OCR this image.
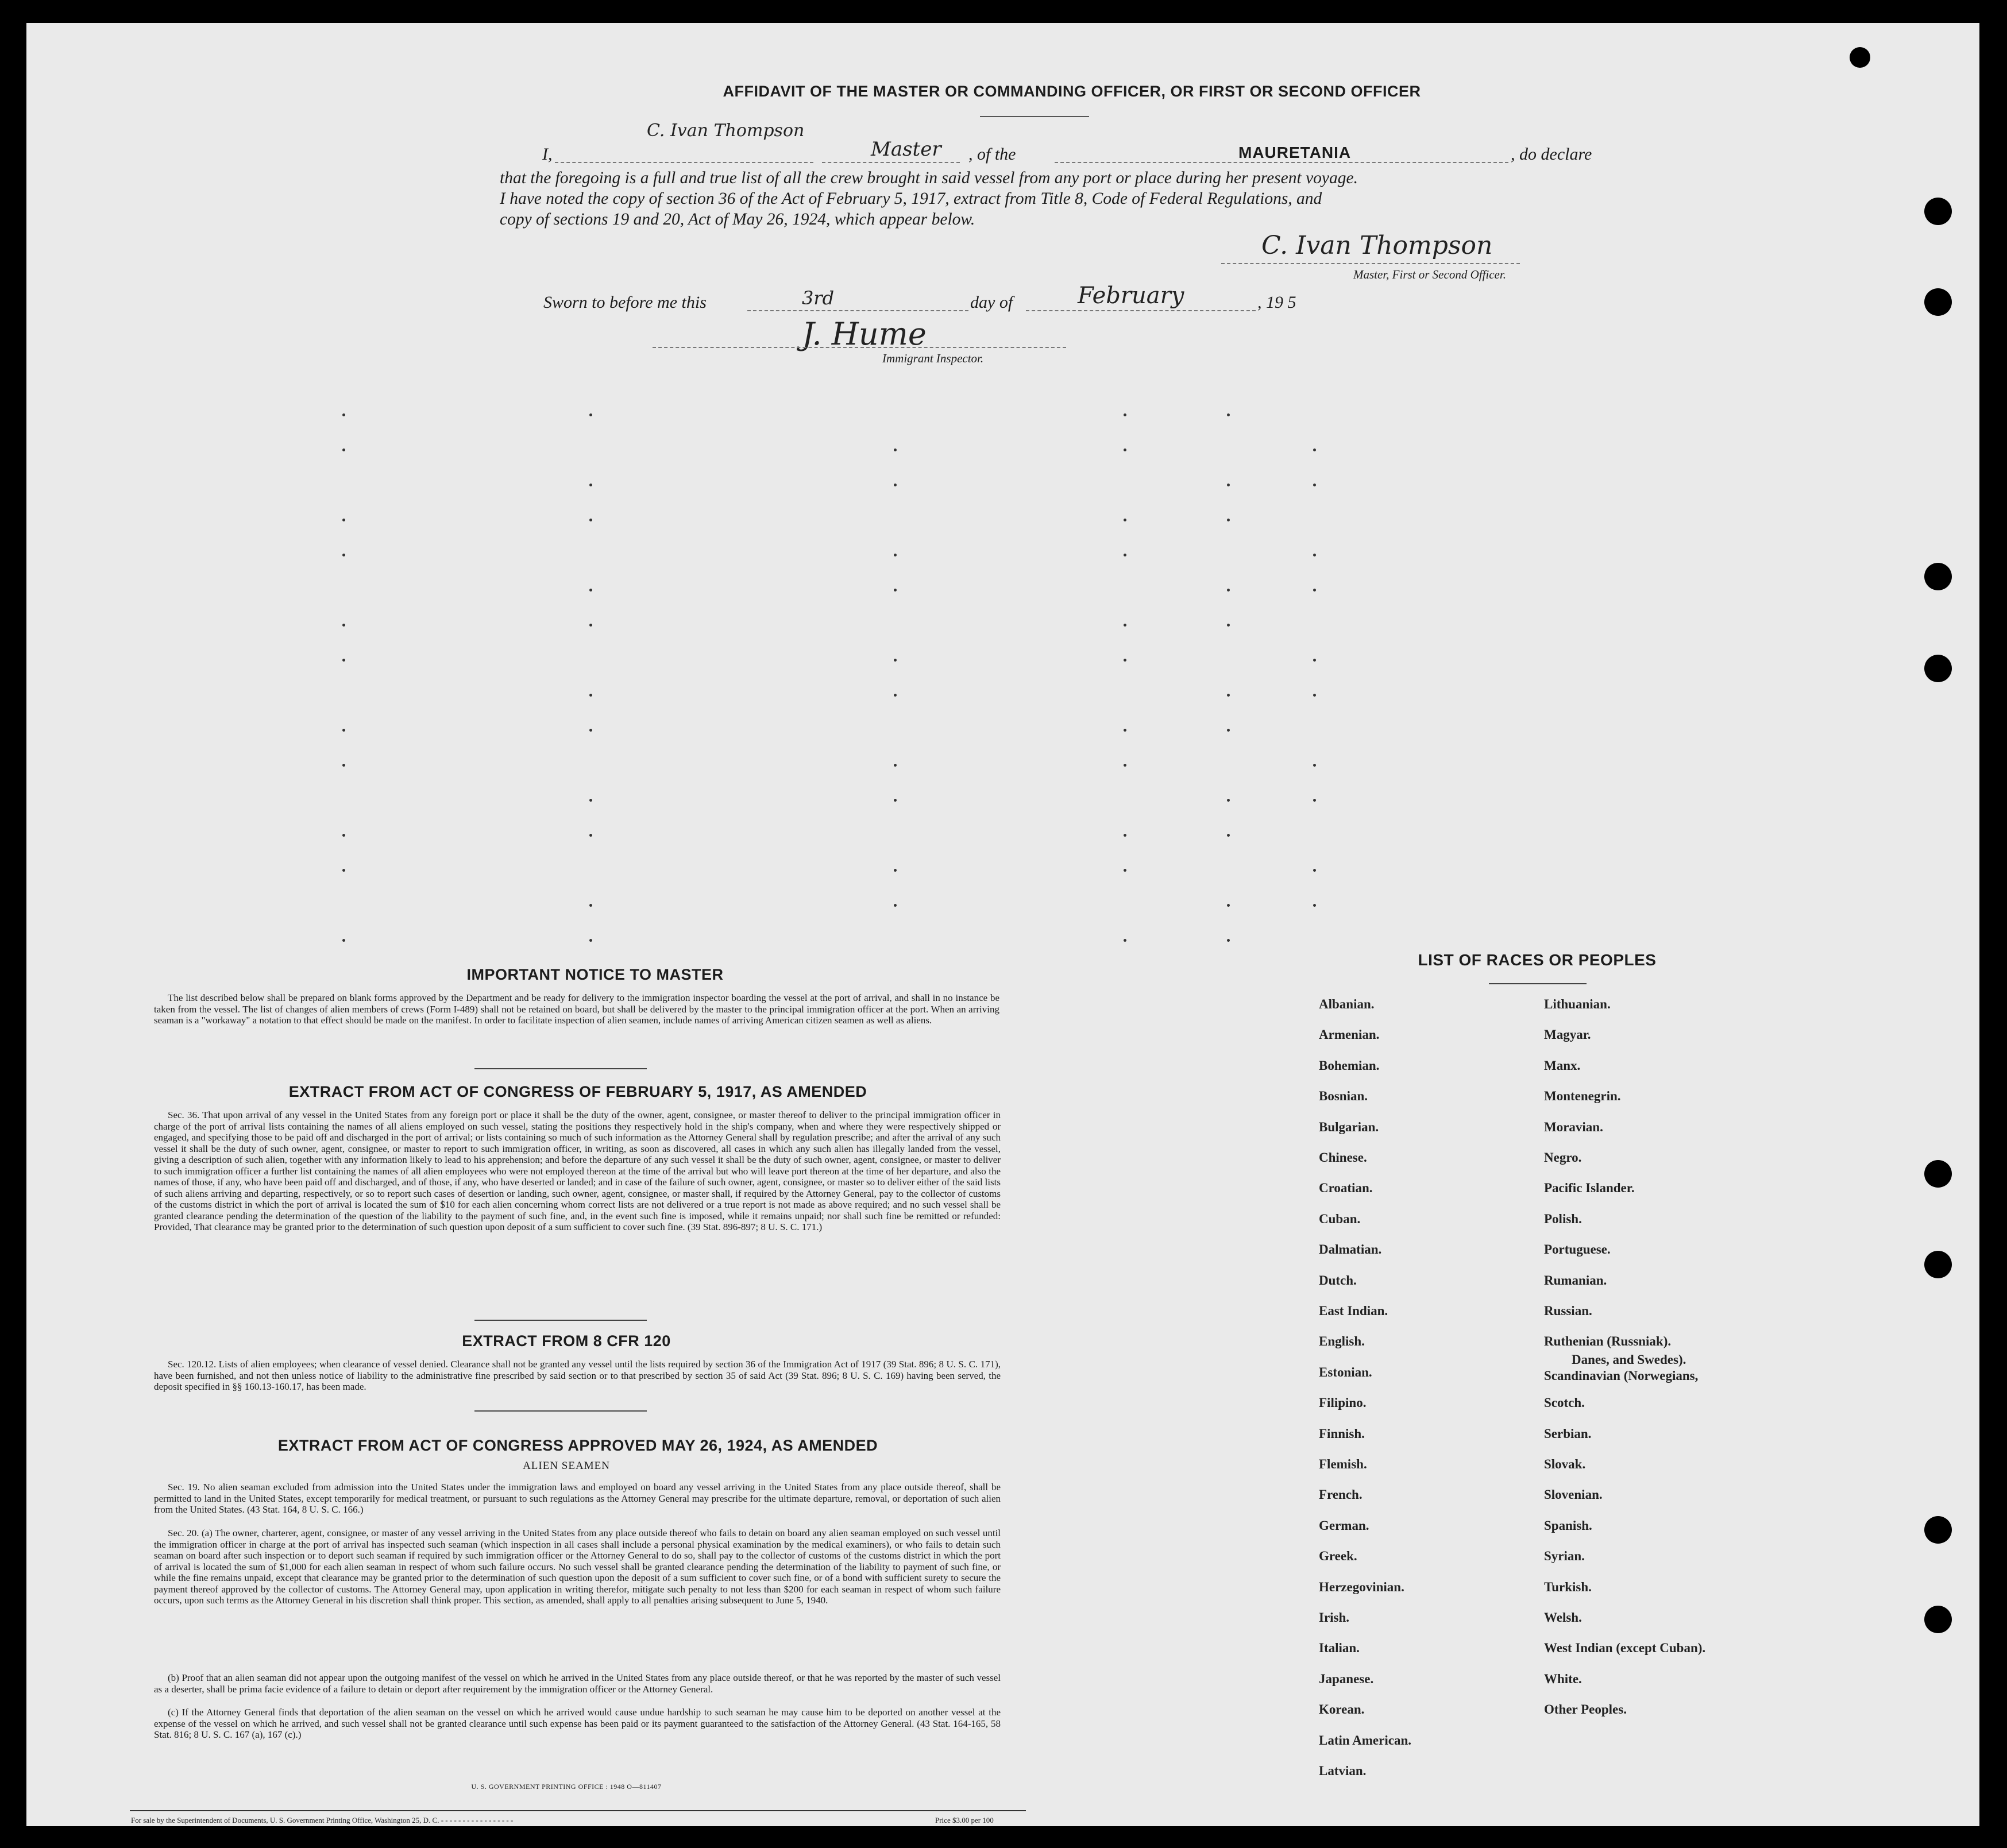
AFFIDAVIT OF THE MASTER OR COMMANDING OFFICER, OR FIRST OR SECOND OFFICER
I,
C. Ivan Thompson
Master , of the	MAURETANIA	, do declare
that the foregoing is a full and true list of all the crew brought in said vessel from any port or place during her present voyage.
I have noted the copy of section 36 of the Act of February 5, 1917, extract from Title 8, Code of Federal Regulations, and
copy of sections 19 and 20, Act of May 26, 1924, which appear below.
C. Ivan Thompson
Master, First or Second Officer.
Sworn to before me this	3rd	day of	February	, 19 5
J. Hume
Immigrant Inspector.
IMPORTANT NOTICE TO MASTER
The list described below shall be prepared on blank forms approved by the Department and be ready for delivery to the immigration inspector boarding the vessel at the port of arrival, and shall in no instance be taken from the vessel. The list of changes of alien members of crews (Form I-489) shall not be retained on board, but shall be delivered by the master to the principal immigration officer at the port. When an arriving seaman is a "workaway" a notation to that effect should be made on the manifest. In order to facilitate inspection of alien seamen, include names of arriving American citizen seamen as well as aliens.
EXTRACT FROM ACT OF CONGRESS OF FEBRUARY 5, 1917, AS AMENDED
Sec. 36. That upon arrival of any vessel in the United States from any foreign port or place it shall be the duty of the owner, agent, consignee, or master thereof to deliver to the principal immigration officer in charge of the port of arrival lists containing the names of all aliens employed on such vessel, stating the positions they respectively hold in the ship's company, when and where they were respectively shipped or engaged, and specifying those to be paid off and discharged in the port of arrival; or lists containing so much of such information as the Attorney General shall by regulation prescribe; and after the arrival of any such vessel it shall be the duty of such owner, agent, consignee, or master to report to such immigration officer, in writing, as soon as discovered, all cases in which any such alien has illegally landed from the vessel, giving a description of such alien, together with any information likely to lead to his apprehension; and before the departure of any such vessel it shall be the duty of such owner, agent, consignee, or master to deliver to such immigration officer a further list containing the names of all alien employees who were not employed thereon at the time of the arrival but who will leave port thereon at the time of her departure, and also the names of those, if any, who have been paid off and discharged, and of those, if any, who have deserted or landed; and in case of the failure of such owner, agent, consignee, or master so to deliver either of the said lists of such aliens arriving and departing, respectively, or so to report such cases of desertion or landing, such owner, agent, consignee, or master shall, if required by the Attorney General, pay to the collector of customs of the customs district in which the port of arrival is located the sum of $10 for each alien concerning whom correct lists are not delivered or a true report is not made as above required; and no such vessel shall be granted clearance pending the determination of the question of the liability to the payment of such fine, and, in the event such fine is imposed, while it remains unpaid; nor shall such fine be remitted or refunded: Provided, That clearance may be granted prior to the determination of such question upon deposit of a sum sufficient to cover such fine. (39 Stat. 896-897; 8 U. S. C. 171.)
EXTRACT FROM 8 CFR 120
Sec. 120.12. Lists of alien employees; when clearance of vessel denied. Clearance shall not be granted any vessel until the lists required by section 36 of the Immigration Act of 1917 (39 Stat. 896; 8 U. S. C. 171), have been furnished, and not then unless notice of liability to the administrative fine prescribed by said section or to that prescribed by section 35 of said Act (39 Stat. 896; 8 U. S. C. 169) having been served, the deposit specified in §§ 160.13-160.17, has been made.
EXTRACT FROM ACT OF CONGRESS APPROVED MAY 26, 1924, AS AMENDED
ALIEN SEAMEN
Sec. 19. No alien seaman excluded from admission into the United States under the immigration laws and employed on board any vessel arriving in the United States from any place outside thereof, shall be permitted to land in the United States, except temporarily for medical treatment, or pursuant to such regulations as the Attorney General may prescribe for the ultimate departure, removal, or deportation of such alien from the United States. (43 Stat. 164, 8 U. S. C. 166.)
Sec. 20. (a) The owner, charterer, agent, consignee, or master of any vessel arriving in the United States from any place outside thereof who fails to detain on board any alien seaman employed on such vessel until the immigration officer in charge at the port of arrival has inspected such seaman (which inspection in all cases shall include a personal physical examination by the medical examiners), or who fails to detain such seaman on board after such inspection or to deport such seaman if required by such immigration officer or the Attorney General to do so, shall pay to the collector of customs of the customs district in which the port of arrival is located the sum of $1,000 for each alien seaman in respect of whom such failure occurs. No such vessel shall be granted clearance pending the determination of the liability to payment of such fine, or while the fine remains unpaid, except that clearance may be granted prior to the determination of such question upon the deposit of a sum sufficient to cover such fine, or of a bond with sufficient surety to secure the payment thereof approved by the collector of customs. The Attorney General may, upon application in writing therefor, mitigate such penalty to not less than $200 for each seaman in respect of whom such failure occurs, upon such terms as the Attorney General in his discretion shall think proper. This section, as amended, shall apply to all penalties arising subsequent to June 5, 1940.
(b) Proof that an alien seaman did not appear upon the outgoing manifest of the vessel on which he arrived in the United States from any place outside thereof, or that he was reported by the master of such vessel as a deserter, shall be prima facie evidence of a failure to detain or deport after requirement by the immigration officer or the Attorney General.
(c) If the Attorney General finds that deportation of the alien seaman on the vessel on which he arrived would cause undue hardship to such seaman he may cause him to be deported on another vessel at the expense of the vessel on which he arrived, and such vessel shall not be granted clearance until such expense has been paid or its payment guaranteed to the satisfaction of the Attorney General. (43 Stat. 164-165, 58 Stat. 816; 8 U. S. C. 167 (a), 167 (c).)
U. S. GOVERNMENT PRINTING OFFICE : 1948 O—811407
For sale by the Superintendent of Documents, U. S. Government Printing Office, Washington 25, D. C. - - - - - - - - - - - - - - - - -	Price $3.00 per 100
LIST OF RACES OR PEOPLES
Albanian.
Armenian.
Bohemian.
Bosnian.
Bulgarian.
Chinese.
Croatian.
Cuban.
Dalmatian.
Dutch.
East Indian.
English.
Estonian.
Filipino.
Finnish.
Flemish.
French.
German.
Greek.
Herzegovinian.
Irish.
Italian.
Japanese.
Korean.
Latin American.
Latvian.
Lithuanian.
Magyar.
Manx.
Montenegrin.
Moravian.
Negro.
Pacific Islander.
Polish.
Portuguese.
Rumanian.
Russian.
Ruthenian (Russniak).
Scandinavian (Norwegians,
Danes, and Swedes).
Scotch.
Serbian.
Slovak.
Slovenian.
Spanish.
Syrian.
Turkish.
Welsh.
West Indian (except Cuban).
White.
Other Peoples.
